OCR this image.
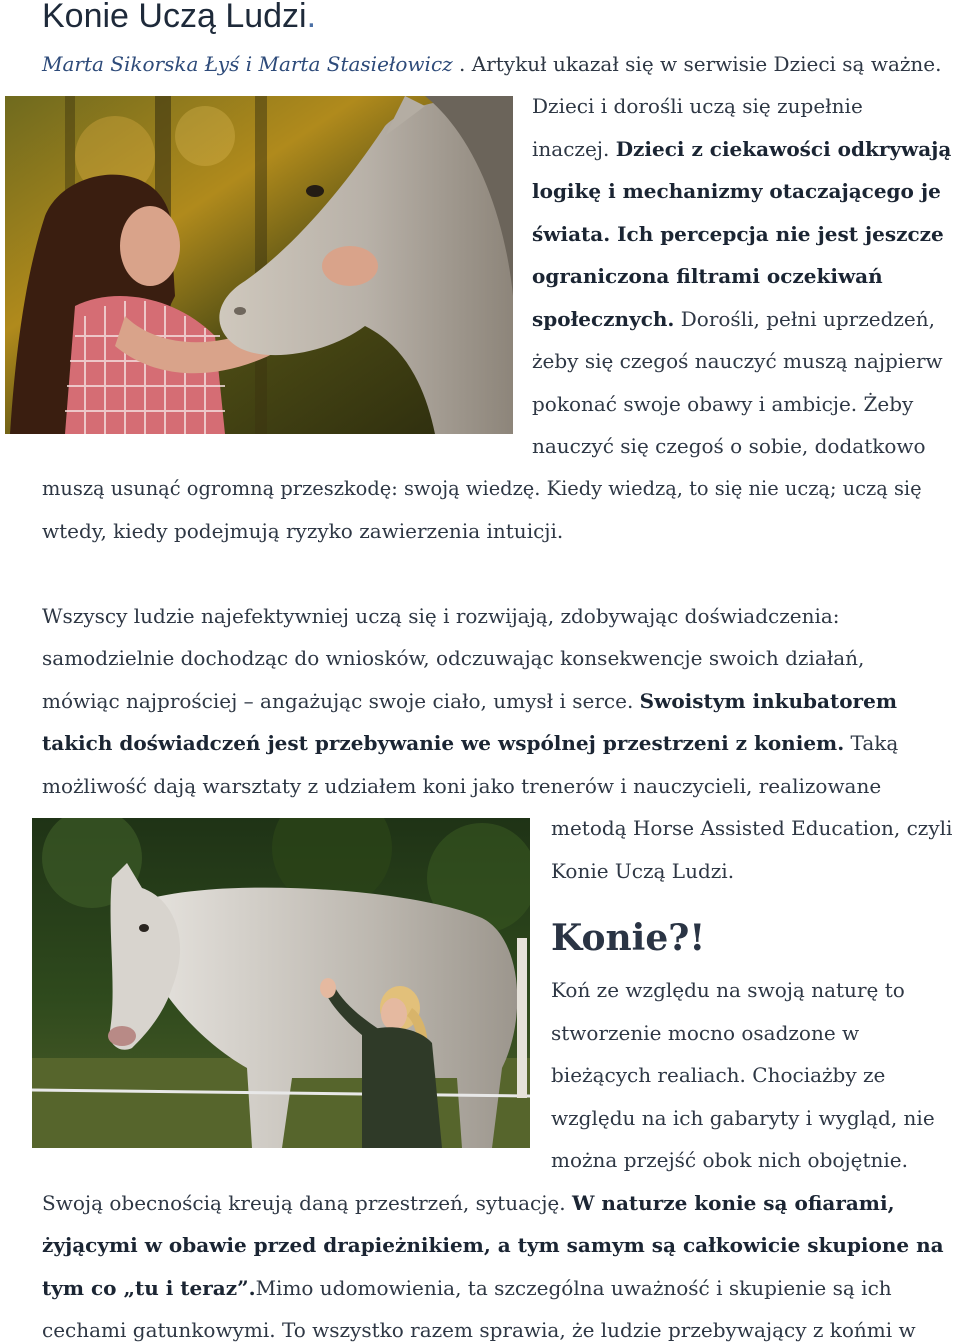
Konie Uczą Ludzi.
Marta Sikorska Łyś i Marta Stasiełowicz . Artykuł ukazał się w serwisie Dzieci są ważne.
Dzieci i dorośli uczą się zupełnie
inaczej. Dzieci z ciekawości odkrywają
logikę i mechanizmy otaczającego je
świata. Ich percepcja nie jest jeszcze
ograniczona filtrami oczekiwań
społecznych. Dorośli, pełni uprzedzeń,
żeby się czegoś nauczyć muszą najpierw
pokonać swoje obawy i ambicje. Żeby
nauczyć się czegoś o sobie, dodatkowo
muszą usunąć ogromną przeszkodę: swoją wiedzę. Kiedy wiedzą, to się nie uczą; uczą się
wtedy, kiedy podejmują ryzyko zawierzenia intuicji.
Wszyscy ludzie najefektywniej uczą się i rozwijają, zdobywając doświadczenia:
samodzielnie dochodząc do wniosków, odczuwając konsekwencje swoich działań,
mówiąc najprościej – angażując swoje ciało, umysł i serce. Swoistym inkubatorem
takich doświadczeń jest przebywanie we wspólnej przestrzeni z koniem. Taką
możliwość dają warsztaty z udziałem koni jako trenerów i nauczycieli, realizowane
metodą Horse Assisted Education, czyli
Konie Uczą Ludzi.
Konie?!
Koń ze względu na swoją naturę to
stworzenie mocno osadzone w
bieżących realiach. Chociażby ze
względu na ich gabaryty i wygląd, nie
można przejść obok nich obojętnie.
Swoją obecnością kreują daną przestrzeń, sytuację. W naturze konie są ofiarami,
żyjącymi w obawie przed drapieżnikiem, a tym samym są całkowicie skupione na
tym co „tu i teraz”.Mimo udomowienia, ta szczególna uważność i skupienie są ich
cechami gatunkowymi. To wszystko razem sprawia, że ludzie przebywający z końmi w
